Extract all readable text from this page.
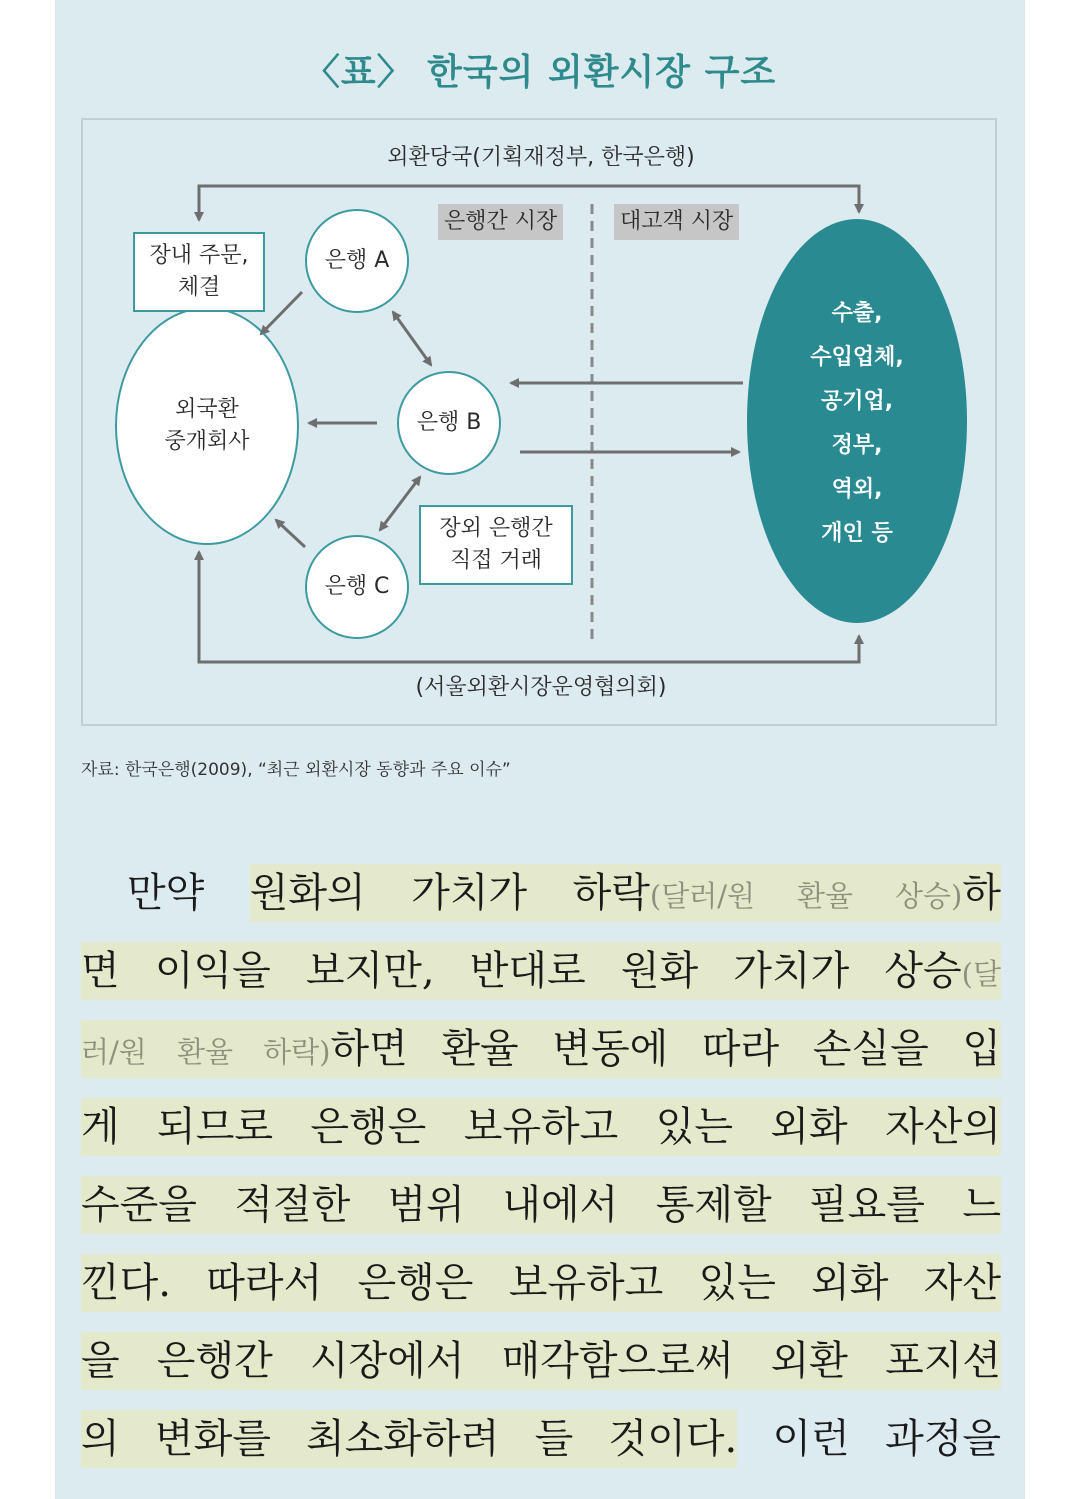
〈표〉 한국의 외환시장 구조
외환당국(기획재정부, 한국은행)
(서울외환시장운영협의회)
은행간 시장	대고객 시장
장내 주문,
체결
장외 은행간
직접 거래
외국환
중개회사
은행 A
은행 B
은행 C
수출,
수입업체,
공기업,
정부,
역외,
개인 등
자료: 한국은행(2009), “최근 외환시장 동향과 주요 이슈”
만약 원화의 가치가 하락(달러/원 환율 상승)하
면 이익을 보지만, 반대로 원화 가치가 상승(달
러/원 환율 하락)하면 환율 변동에 따라 손실을 입
게 되므로 은행은 보유하고 있는 외화 자산의
수준을 적절한 범위 내에서 통제할 필요를 느
낀다. 따라서 은행은 보유하고 있는 외화 자산
을 은행간 시장에서 매각함으로써 외환 포지션
의 변화를 최소화하려 들 것이다. 이런 과정을
